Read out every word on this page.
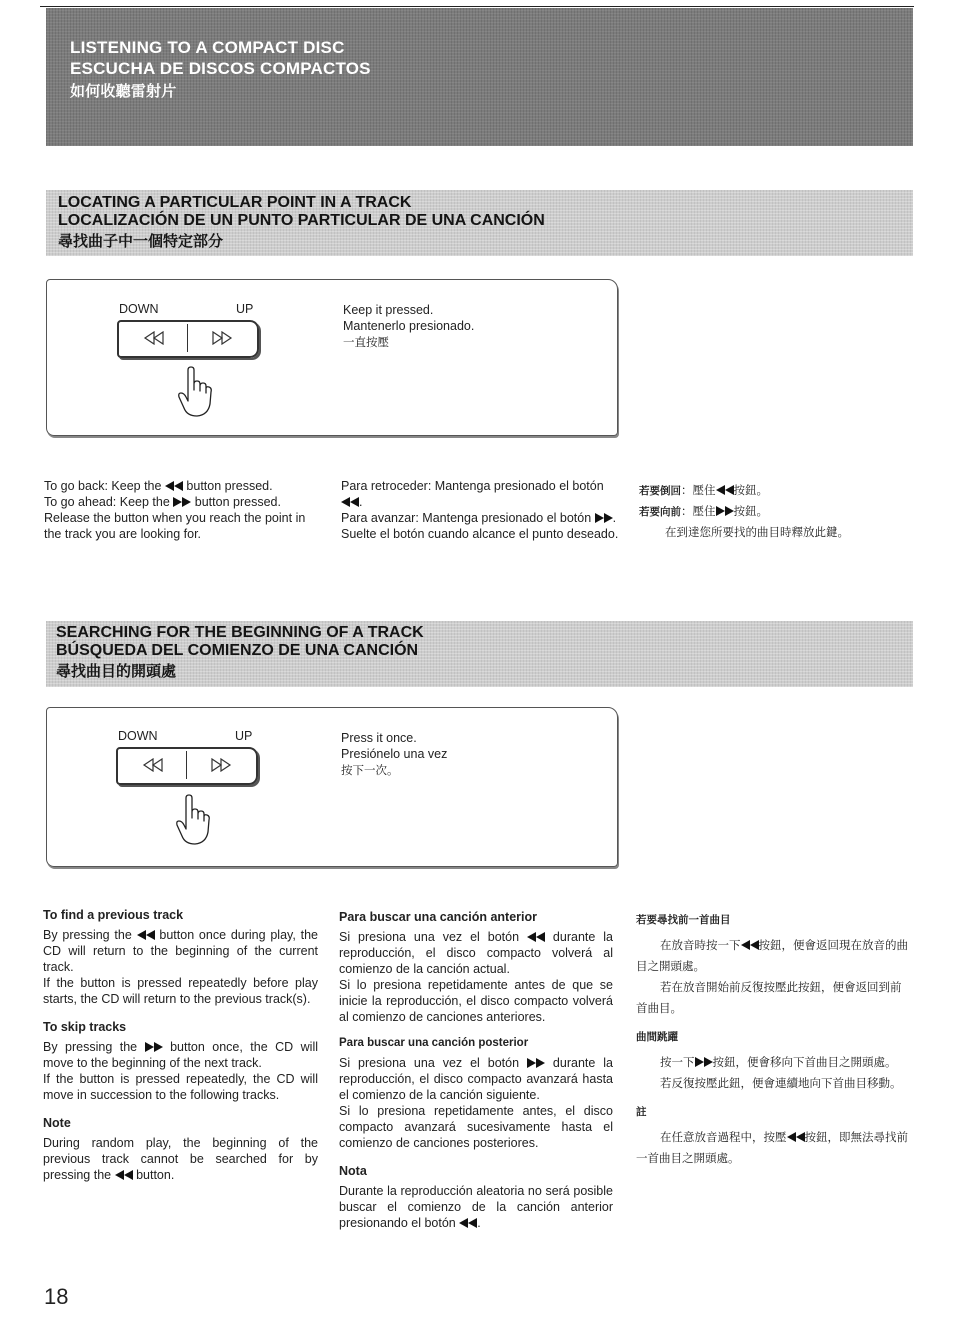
LISTENING TO A COMPACT DISC
ESCUCHA DE DISCOS COMPACTOS
如何收聽雷射片
LOCATING A PARTICULAR POINT IN A TRACK
LOCALIZACIÓN DE UN PUNTO PARTICULAR DE UNA CANCIÓN
尋找曲子中一個特定部分
DOWN	UP	Keep it pressed.
Mantenerlo presionado.
一直按壓

To go back: Keep the button pressed.

To go ahead: Keep the button pressed.

Release the button when you reach the point in the track you are looking for.

Para retroceder: Mantenga presionado el botón
.

Para avanzar: Mantenga presionado el botón .

Suelte el botón cuando alcance el punto deseado.

若要倒回：壓住 按鈕。

若要向前：壓住 按鈕。

在到達您所要找的曲目時釋放此鍵。

SEARCHING FOR THE BEGINNING OF A TRACK
BÚSQUEDA DEL COMIENZO DE UNA CANCIÓN
尋找曲目的開頭處
DOWN	UP	Press it once.
Presiónelo una vez
按下一次。

To find a previous track

By pressing the button once during play, the CD will return to the beginning of the current track.

If the button is pressed repeatedly before play starts, the CD will return to the previous track(s).

To skip tracks

By pressing the	button once, the CD will move to the beginning of the next track.

If the button is pressed repeatedly, the CD will move in succession to the following tracks.

Note

During random play, the beginning of the previous track cannot be searched for by pressing the button.

Para buscar una canción anterior

Si presiona una vez el botón	durante la reproducción, el disco compacto volverá al comienzo de la canción actual.

Si lo presiona repetidamente antes de que se inicie la reproducción, el disco compacto volverá al comienzo de canciones anteriores.

Para buscar una canción posterior

Si presiona una vez el botón	durante la reproducción, el disco compacto avanzará hasta el comienzo de la canción siguiente.

Si lo presiona repetidamente antes, el disco compacto avanzará sucesivamente hasta el comienzo de canciones posteriores.

Nota

Durante la reproducción aleatoria no será posible buscar el comienzo de la canción anterior presionando el botón .

若要尋找前一首曲目

在放音時按一下 按鈕，便會返回現在放音的曲目之開頭處。

若在放音開始前反復按壓此按鈕，便會返回到前首曲目。

曲間跳躍

按一下 按鈕，便會移向下首曲目之開頭處。

若反復按壓此鈕，便會連續地向下首曲目移動。

註

在任意放音過程中，按壓 按鈕，即無法尋找前一首曲目之開頭處。

18
